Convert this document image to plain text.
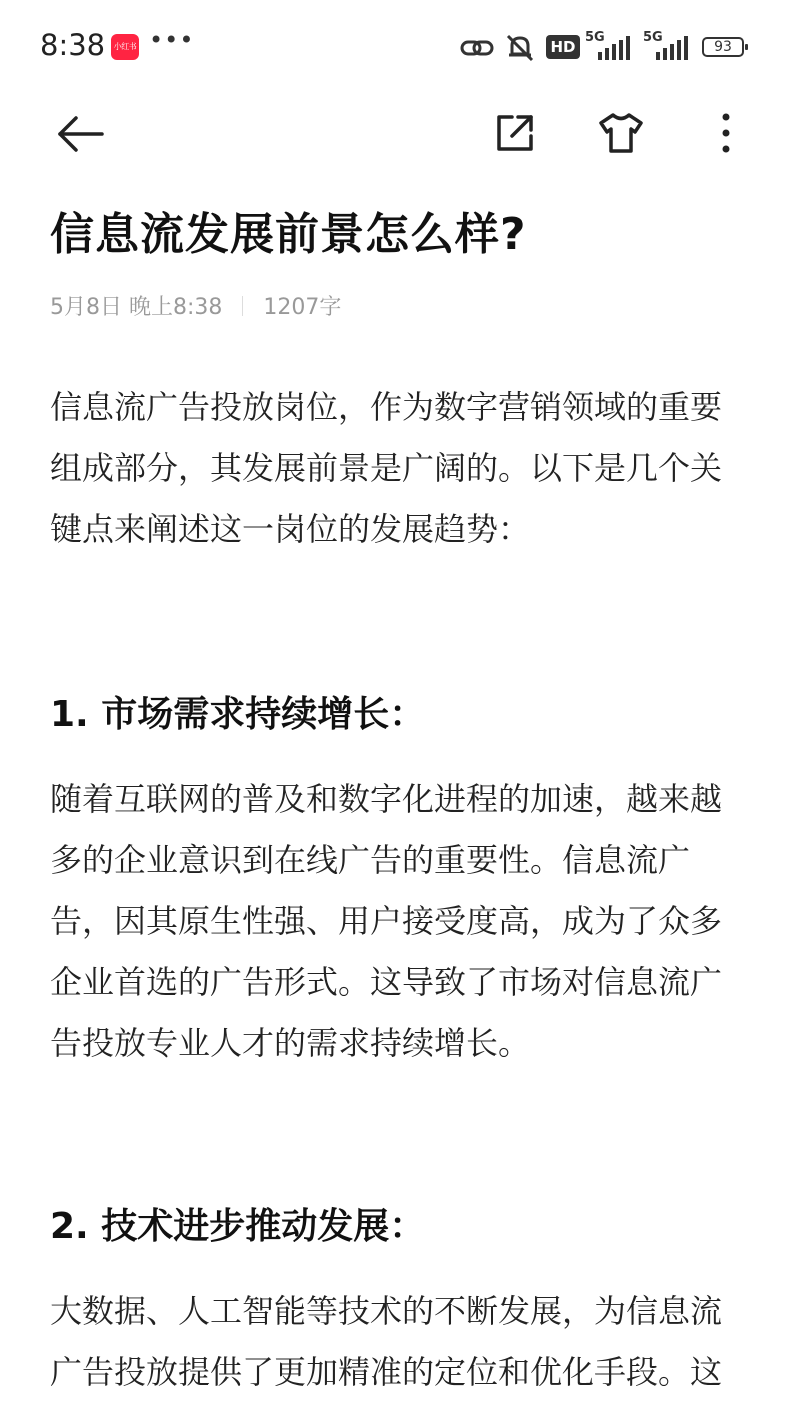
8:38	小红书 •••	HD
5G	5G
93
信息流发展前景怎么样?
5月8日 晚上8:38 1207字

信息流广告投放岗位，作为数字营销领域的重要组成部分，其发展前景是广阔的。以下是几个关键点来阐述这一岗位的发展趋势：

1. 市场需求持续增长：

随着互联网的普及和数字化进程的加速，越来越多的企业意识到在线广告的重要性。信息流广告，因其原生性强、用户接受度高，成为了众多企业首选的广告形式。这导致了市场对信息流广告投放专业人才的需求持续增长。

2. 技术进步推动发展：

大数据、人工智能等技术的不断发展，为信息流广告投放提供了更加精准的定位和优化手段。这
